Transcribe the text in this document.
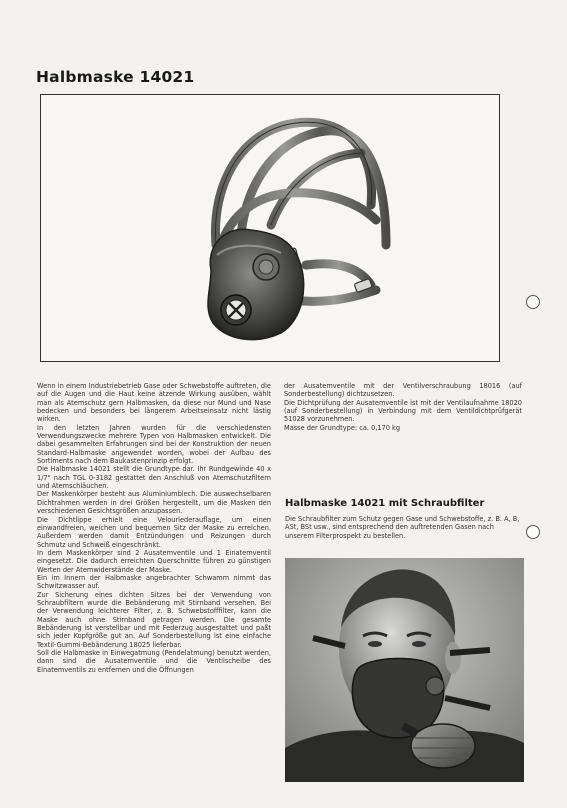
Halbmaske 14021

Wenn in einem Industriebetrieb Gase oder Schwebstoffe auftreten, die auf die Augen und die Haut keine ätzende Wirkung ausüben, wählt man als Atemschutz gern Halbmasken, da diese nur Mund und Nase bedecken und besonders bei längerem Arbeitseinsatz nicht lästig wirken.

In den letzten Jahren wurden für die verschiedensten Verwendungszwecke mehrere Typen von Halbmasken entwickelt. Die dabei gesammelten Erfahrungen sind bei der Konstruktion der neuen Standard-Halbmaske angewendet worden, wobei der Aufbau des Sortiments nach dem Baukastenprinzip erfolgt.

Die Halbmaske 14021 stellt die Grundtype dar. Ihr Rundgewinde 40 x 1/7" nach TGL 0-3182 gestattet den Anschluß von Atemschutzfiltern und Atemschläuchen.

Der Maskenkörper besteht aus Aluminiumblech. Die auswechselbaren Dichtrahmen werden in drei Größen hergestellt, um die Masken den verschiedenen Gesichtsgrößen anzupassen.

Die Dichtlippe erhielt eine Velourlederauflage, um einen einwandfreien, weichen und bequemen Sitz der Maske zu erreichen. Außerdem werden damit Entzündungen und Reizungen durch Schmutz und Schweiß eingeschränkt.

In dem Maskenkörper sind 2 Ausatemventile und 1 Einatemventil eingesetzt. Die dadurch erreichten Querschnitte führen zu günstigen Werten der Atemwiderstände der Maske.

Ein im Innern der Halbmaske angebrachter Schwamm nimmt das Schwitzwasser auf.

Zur Sicherung eines dichten Sitzes bei der Verwendung von Schraubfiltern wurde die Bebänderung mit Stirnband versehen. Bei der Verwendung leichterer Filter, z. B. Schwebstofffilter, kann die Maske auch ohne Stirnband getragen werden. Die gesamte Bebänderung ist verstellbar und mit Federzug ausgestattet und paßt sich jeder Kopfgröße gut an. Auf Sonderbestellung ist eine einfache Textil-Gummi-Bebänderung 18025 lieferbar.

Soll die Halbmaske in Einwegatmung (Pendelatmung) benutzt werden, dann sind die Ausatemventile und die Ventilscheibe des Einatemventils zu entfernen und die Öffnungen

der Ausatemventile mit der Ventilverschraubung 18016 (auf Sonderbestellung) dichtzusetzen.

Die Dichtprüfung der Ausatemventile ist mit der Ventilaufnahme 18020 (auf Sonderbestellung) in Verbindung mit dem Ventildichtprüfgerät 51028 vorzunehmen.

Masse der Grundtype: ca. 0,170 kg

Halbmaske 14021 mit Schraubfilter

Die Schraubfilter zum Schutz gegen Gase und Schwebstoffe, z. B. A, B, ASt, BSt usw., sind entsprechend den auftretenden Gasen nach unserem Filterprospekt zu bestellen.
